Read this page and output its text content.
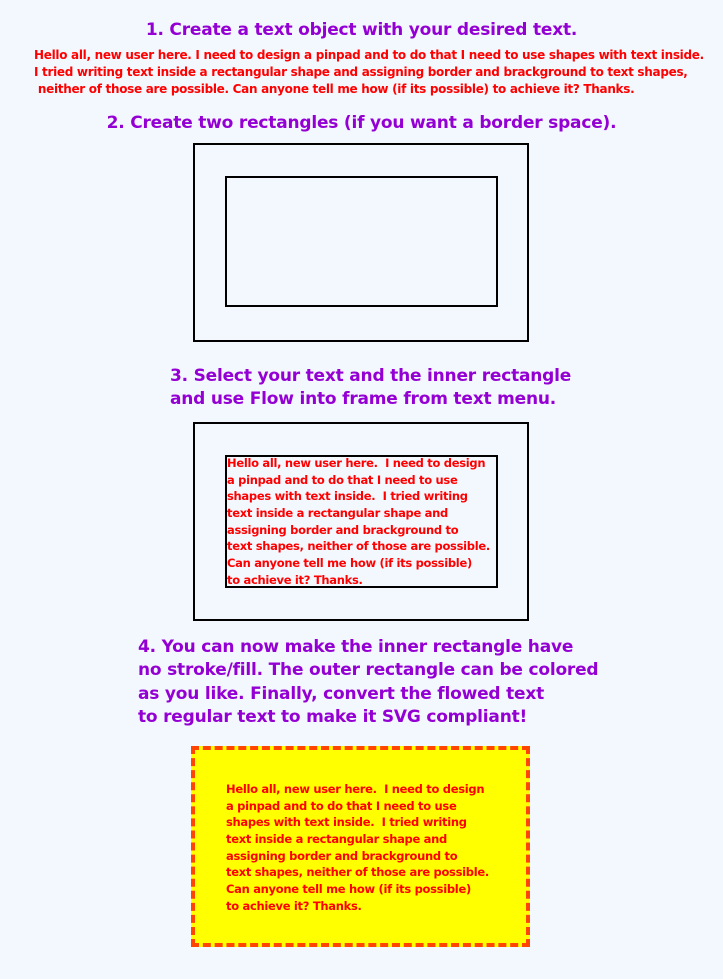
1. Create a text object with your desired text.
Hello all, new user here. I need to design a pinpad and to do that I need to use shapes with text inside.
I tried writing text inside a rectangular shape and assigning border and brackground to text shapes,
neither of those are possible. Can anyone tell me how (if its possible) to achieve it? Thanks.
2. Create two rectangles (if you want a border space).
3. Select your text and the inner rectangle
and use Flow into frame from text menu.
Hello all, new user here.  I need to design
a pinpad and to do that I need to use
shapes with text inside.  I tried writing
text inside a rectangular shape and
assigning border and brackground to
text shapes, neither of those are possible.
Can anyone tell me how (if its possible)
to achieve it? Thanks.
4. You can now make the inner rectangle have
no stroke/fill. The outer rectangle can be colored
as you like. Finally, convert the flowed text
to regular text to make it SVG compliant!
Hello all, new user here.  I need to design
a pinpad and to do that I need to use
shapes with text inside.  I tried writing
text inside a rectangular shape and
assigning border and brackground to
text shapes, neither of those are possible.
Can anyone tell me how (if its possible)
to achieve it? Thanks.
